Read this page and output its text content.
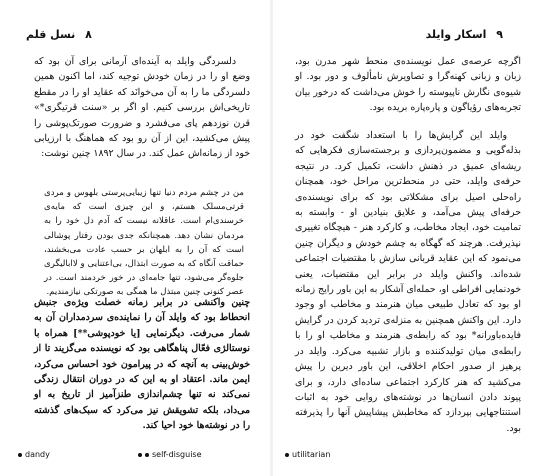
۸ نسل قلم

دلسردگی وایلد به آینده‌ای آرمانی برای آن بود که وضع او را در زمان خودش توجیه کند، اما اکنون همین دلسردگی ما را به آن می‌خوانَد که عقاید او را در مقطع تاریخی‌اش بررسی کنیم. او اگر بر «سنت قرتیگری*» قرن نوزدهم پای می‌فشرد و ضرورت صورتک‌پوشی را پیش می‌کشید، این از آن رو بود که هماهنگ با ارزیابی خود از زمانه‌اش عمل کند. در سال ۱۸۹۲ چنین نوشت:

من در چشم مردم دنیا تنها زیبایی‌پرستی بلهوس و مردی قرتی‌مسلک هستم، و این چیزی است که مایه‌ی خرسندی‌ام است. عاقلانه نیست که آدم دل خود را به مردمان نشان دهد. همچنانکه جدی بودن رفتار پوشالی است که آن را به ابلهان بر حسب عادت می‌بخشند، حماقت آنگاه که به صورت ابتذال، بی‌اعتنایی و لاابالیگری جلوه‌گر می‌شود، تنها جامه‌ای در خور خردمند است. در عصر کنونی چنین مبتذل ما همگی به صورتکی نیازمندیم.

چنین واکنشی در برابر زمانه خصلت ویژه‌ی جنبش انحطاط بود که وایلد آن را نماینده‌ی سردمداران آن به شمار می‌رفت. دیگرنمایی [یا خودپوشی**] همراه با نوستالژی فعّال پناهگاهی بود که نویسنده می‌گزیند تا از خوش‌بینی به آنچه که در پیرامون خود احساس می‌کرد، ایمن ‌ماند. اعتقاد او به این که در دوران انتقال زندگی نمی‌کند نه تنها چشم‌اندازی طنزآمیز از تاریخ به او می‌داد، بلکه تشویقش نیز می‌کرد که سبک‌های گذشته را در نوشته‌ها خود احیا کند.

dandy	self-disguise
۹ اسکار وایلد

اگرچه عرصه‌ی عمل نویسنده‌ی منحط شهر مدرن بود، زبان و زبانی کهنه‌گرا و تصاویرش نامألوف و دور بود. او شیوه‌ی نگارش ناپیوسته را خوش می‌داشت که درخور بیان تجربه‌های رؤیاگون و پاره‌پاره‌ بریده‌ بود.

وایلد این گرایش‌ها را با استعداد شگفت خود در بذله‌گویی و مضمون‌پردازی و برجسته‌سازی فکرهایی که ریشه‌ای عمیق در ذهنش داشت، تکمیل کرد. در نتیجه حرفه‌ی وایلد، حتی در منحط‌ترین مراحل خود، همچنان راه‌حلی اصیل برای مشکلاتی بود که برای نویسنده‌ی حرفه‌ای پیش می‌آمد، و علایق بنیادین او - وابسته به تمامیت خود، ایجاد مخاطب، و کارکرد هنر - هیچگاه تغییری نپذیرفت. هرچند که گهگاه به چشم خودش و دیگران چنین می‌نمود که این عقاید قربانی سازش با مقتضیات اجتماعی شده‌اند. واکنش وایلد در برابر این مقتضیات، یعنی خودنمایی افراطی او، حمله‌ای آشکار به این باور رایج زمانه او بود که تعادل طبیعی میان هنرمند و مخاطب او وجود دارد. این واکنش همچنین به منزله‌ی تردید کردن در گرایش فایده‌باورانه* بود که رابطه‌ی هنرمند و مخاطب او را با رابطه‌ی میان تولیدکننده و بازار تشبیه می‌کرد. وایلد در پرهیز از صدور احکام اخلاقی، این باور دیرین را پیش می‌کشید که هنر کارکرد اجتماعی ساده‌ای دارد، و برای پیوند دادن انسان‌ها در نوشته‌های روایی خود به اثبات استنتاجهایی بپردازد که مخاطبش پیشاپیش آنها را پذیرفته بود.

utilitarian
